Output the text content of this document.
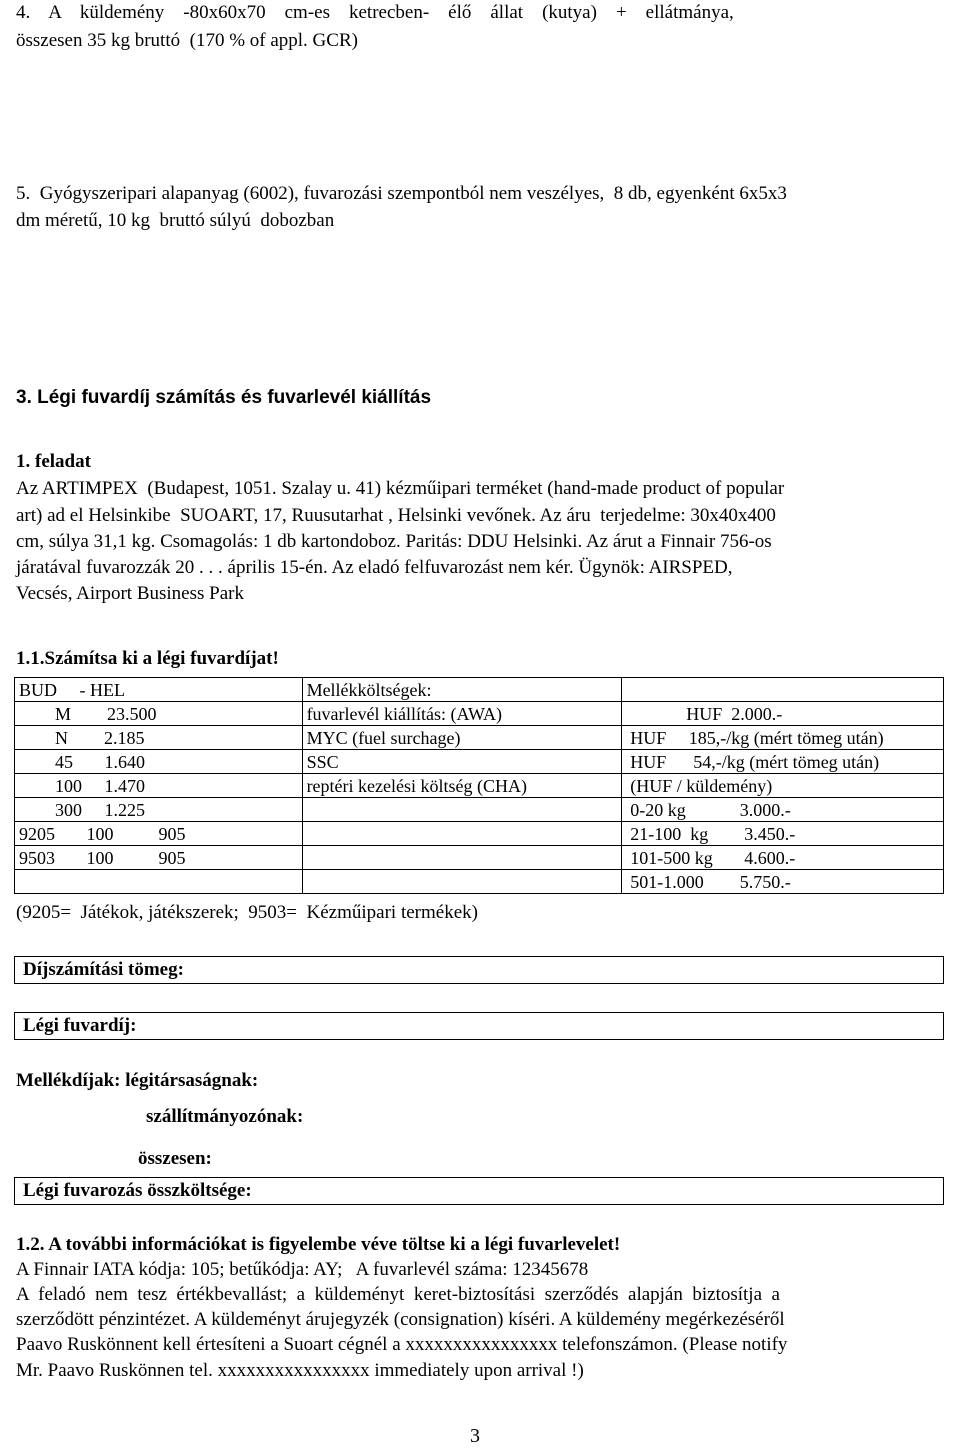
4.    A    küldemény    -80x60x70    cm-es    ketrecben-    élő    állat    (kutya)    +    ellátmánya,
összesen 35 kg bruttó  (170 % of appl. GCR)
5.  Gyógyszeripari alapanyag (6002), fuvarozási szempontból nem veszélyes,  8 db, egyenként 6x5x3
dm méretű, 10 kg  bruttó súlyú  dobozban
3. Légi fuvardíj számítás és fuvarlevél kiállítás
1. feladat
Az ARTIMPEX  (Budapest, 1051. Szalay u. 41) kézműipari terméket (hand-made product of popular
art) ad el Helsinkibe  SUOART, 17, Ruusutarhat , Helsinki vevőnek. Az áru  terjedelme: 30x40x400
cm, súlya 31,1 kg. Csomagolás: 1 db kartondoboz. Paritás: DDU Helsinki. Az árut a Finnair 756-os
járatával fuvarozzák 20 . . . április 15-én. Az eladó felfuvarozást nem kér. Ügynök: AIRSPED,
Vecsés, Airport Business Park
1.1.Számítsa ki a légi fuvardíjat!
BUD     - HEL	Mellékköltségek:	
M        23.500	fuvarlevél kiállítás: (AWA)	HUF  2.000.-
N        2.185	MYC (fuel surchage)	HUF     185,-/kg (mért tömeg után)
45       1.640	SSC	HUF      54,-/kg (mért tömeg után)
100     1.470	reptéri kezelési költség (CHA)	(HUF / küldemény)
300     1.225		0-20 kg            3.000.-
9205       100          905		21-100  kg        3.450.-
9503       100          905		101-500 kg       4.600.-
		501-1.000        5.750.-
(9205=  Játékok, játékszerek;  9503=  Kézműipari termékek)
Díjszámítási tömeg:
Légi fuvardíj:
Mellékdíjak: légitársaságnak:
szállítmányozónak:
összesen:
Légi fuvarozás összköltsége:
1.2. A további információkat is figyelembe véve töltse ki a légi fuvarlevelet!
A Finnair IATA kódja: 105; betűkódja: AY;   A fuvarlevél száma: 12345678
A  feladó  nem  tesz  értékbevallást;  a  küldeményt  keret-biztosítási  szerződés  alapján  biztosítja  a
szerződött pénzintézet. A küldeményt árujegyzék (consignation) kíséri. A küldemény megérkezéséről
Paavo Ruskönnent kell értesíteni a Suoart cégnél a xxxxxxxxxxxxxxxx telefonszámon. (Please notify
Mr. Paavo Ruskönnen tel. xxxxxxxxxxxxxxxx immediately upon arrival !)
3
